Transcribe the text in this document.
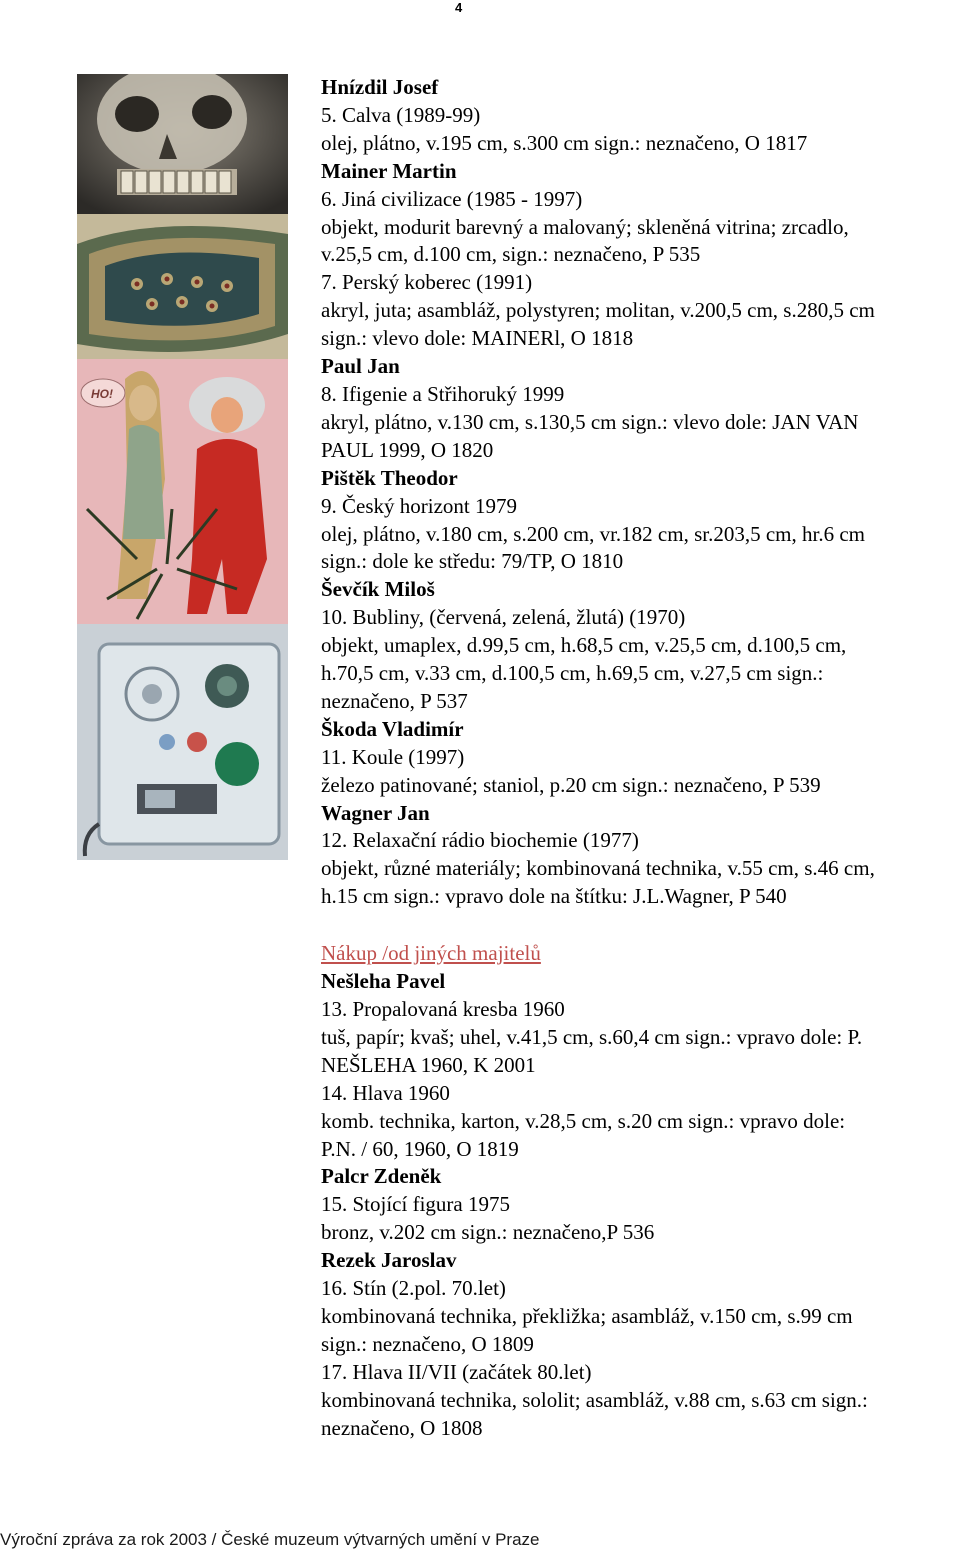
4
HO!
Hnízdil Josef
5. Calva (1989-99)
olej, plátno, v.195 cm, s.300 cm sign.: neznačeno, O 1817
Mainer Martin
6. Jiná civilizace (1985 - 1997)
objekt, modurit barevný a malovaný; skleněná vitrina; zrcadlo,
v.25,5 cm, d.100 cm, sign.: neznačeno, P 535
7. Perský koberec (1991)
akryl, juta; asambláž, polystyren; molitan, v.200,5 cm, s.280,5 cm
sign.: vlevo dole: MAINERl, O 1818
Paul Jan
8. Ifigenie a Střihoruký 1999
akryl, plátno, v.130 cm, s.130,5 cm sign.: vlevo dole: JAN VAN
PAUL 1999, O 1820
Pištěk Theodor
9. Český horizont 1979
olej, plátno, v.180 cm, s.200 cm, vr.182 cm, sr.203,5 cm, hr.6 cm
sign.: dole ke středu: 79/TP, O 1810
Ševčík Miloš
10. Bubliny, (červená, zelená, žlutá) (1970)
objekt, umaplex, d.99,5 cm, h.68,5 cm, v.25,5 cm, d.100,5 cm,
h.70,5 cm, v.33 cm, d.100,5 cm, h.69,5 cm, v.27,5 cm sign.:
neznačeno, P 537
Škoda Vladimír
11. Koule (1997)
železo patinované; staniol, p.20 cm sign.: neznačeno, P 539
Wagner Jan
12. Relaxační rádio biochemie (1977)
objekt, různé materiály; kombinovaná technika, v.55 cm, s.46 cm,
h.15 cm sign.: vpravo dole na štítku: J.L.Wagner, P 540
Nákup /od jiných majitelů
Nešleha Pavel
13. Propalovaná kresba 1960
tuš, papír; kvaš; uhel, v.41,5 cm, s.60,4 cm sign.: vpravo dole: P.
NEŠLEHA 1960, K 2001
14. Hlava 1960
komb. technika, karton, v.28,5 cm, s.20 cm sign.: vpravo dole:
P.N. / 60, 1960, O 1819
Palcr Zdeněk
15. Stojící figura 1975
bronz, v.202 cm sign.: neznačeno,P 536
Rezek Jaroslav
16. Stín (2.pol. 70.let)
kombinovaná technika, překližka; asambláž, v.150 cm, s.99 cm
sign.: neznačeno, O 1809
17. Hlava II/VII (začátek 80.let)
kombinovaná technika, sololit; asambláž, v.88 cm, s.63 cm sign.:
neznačeno, O 1808
Výroční zpráva za rok 2003 / České muzeum výtvarných umění v Praze
